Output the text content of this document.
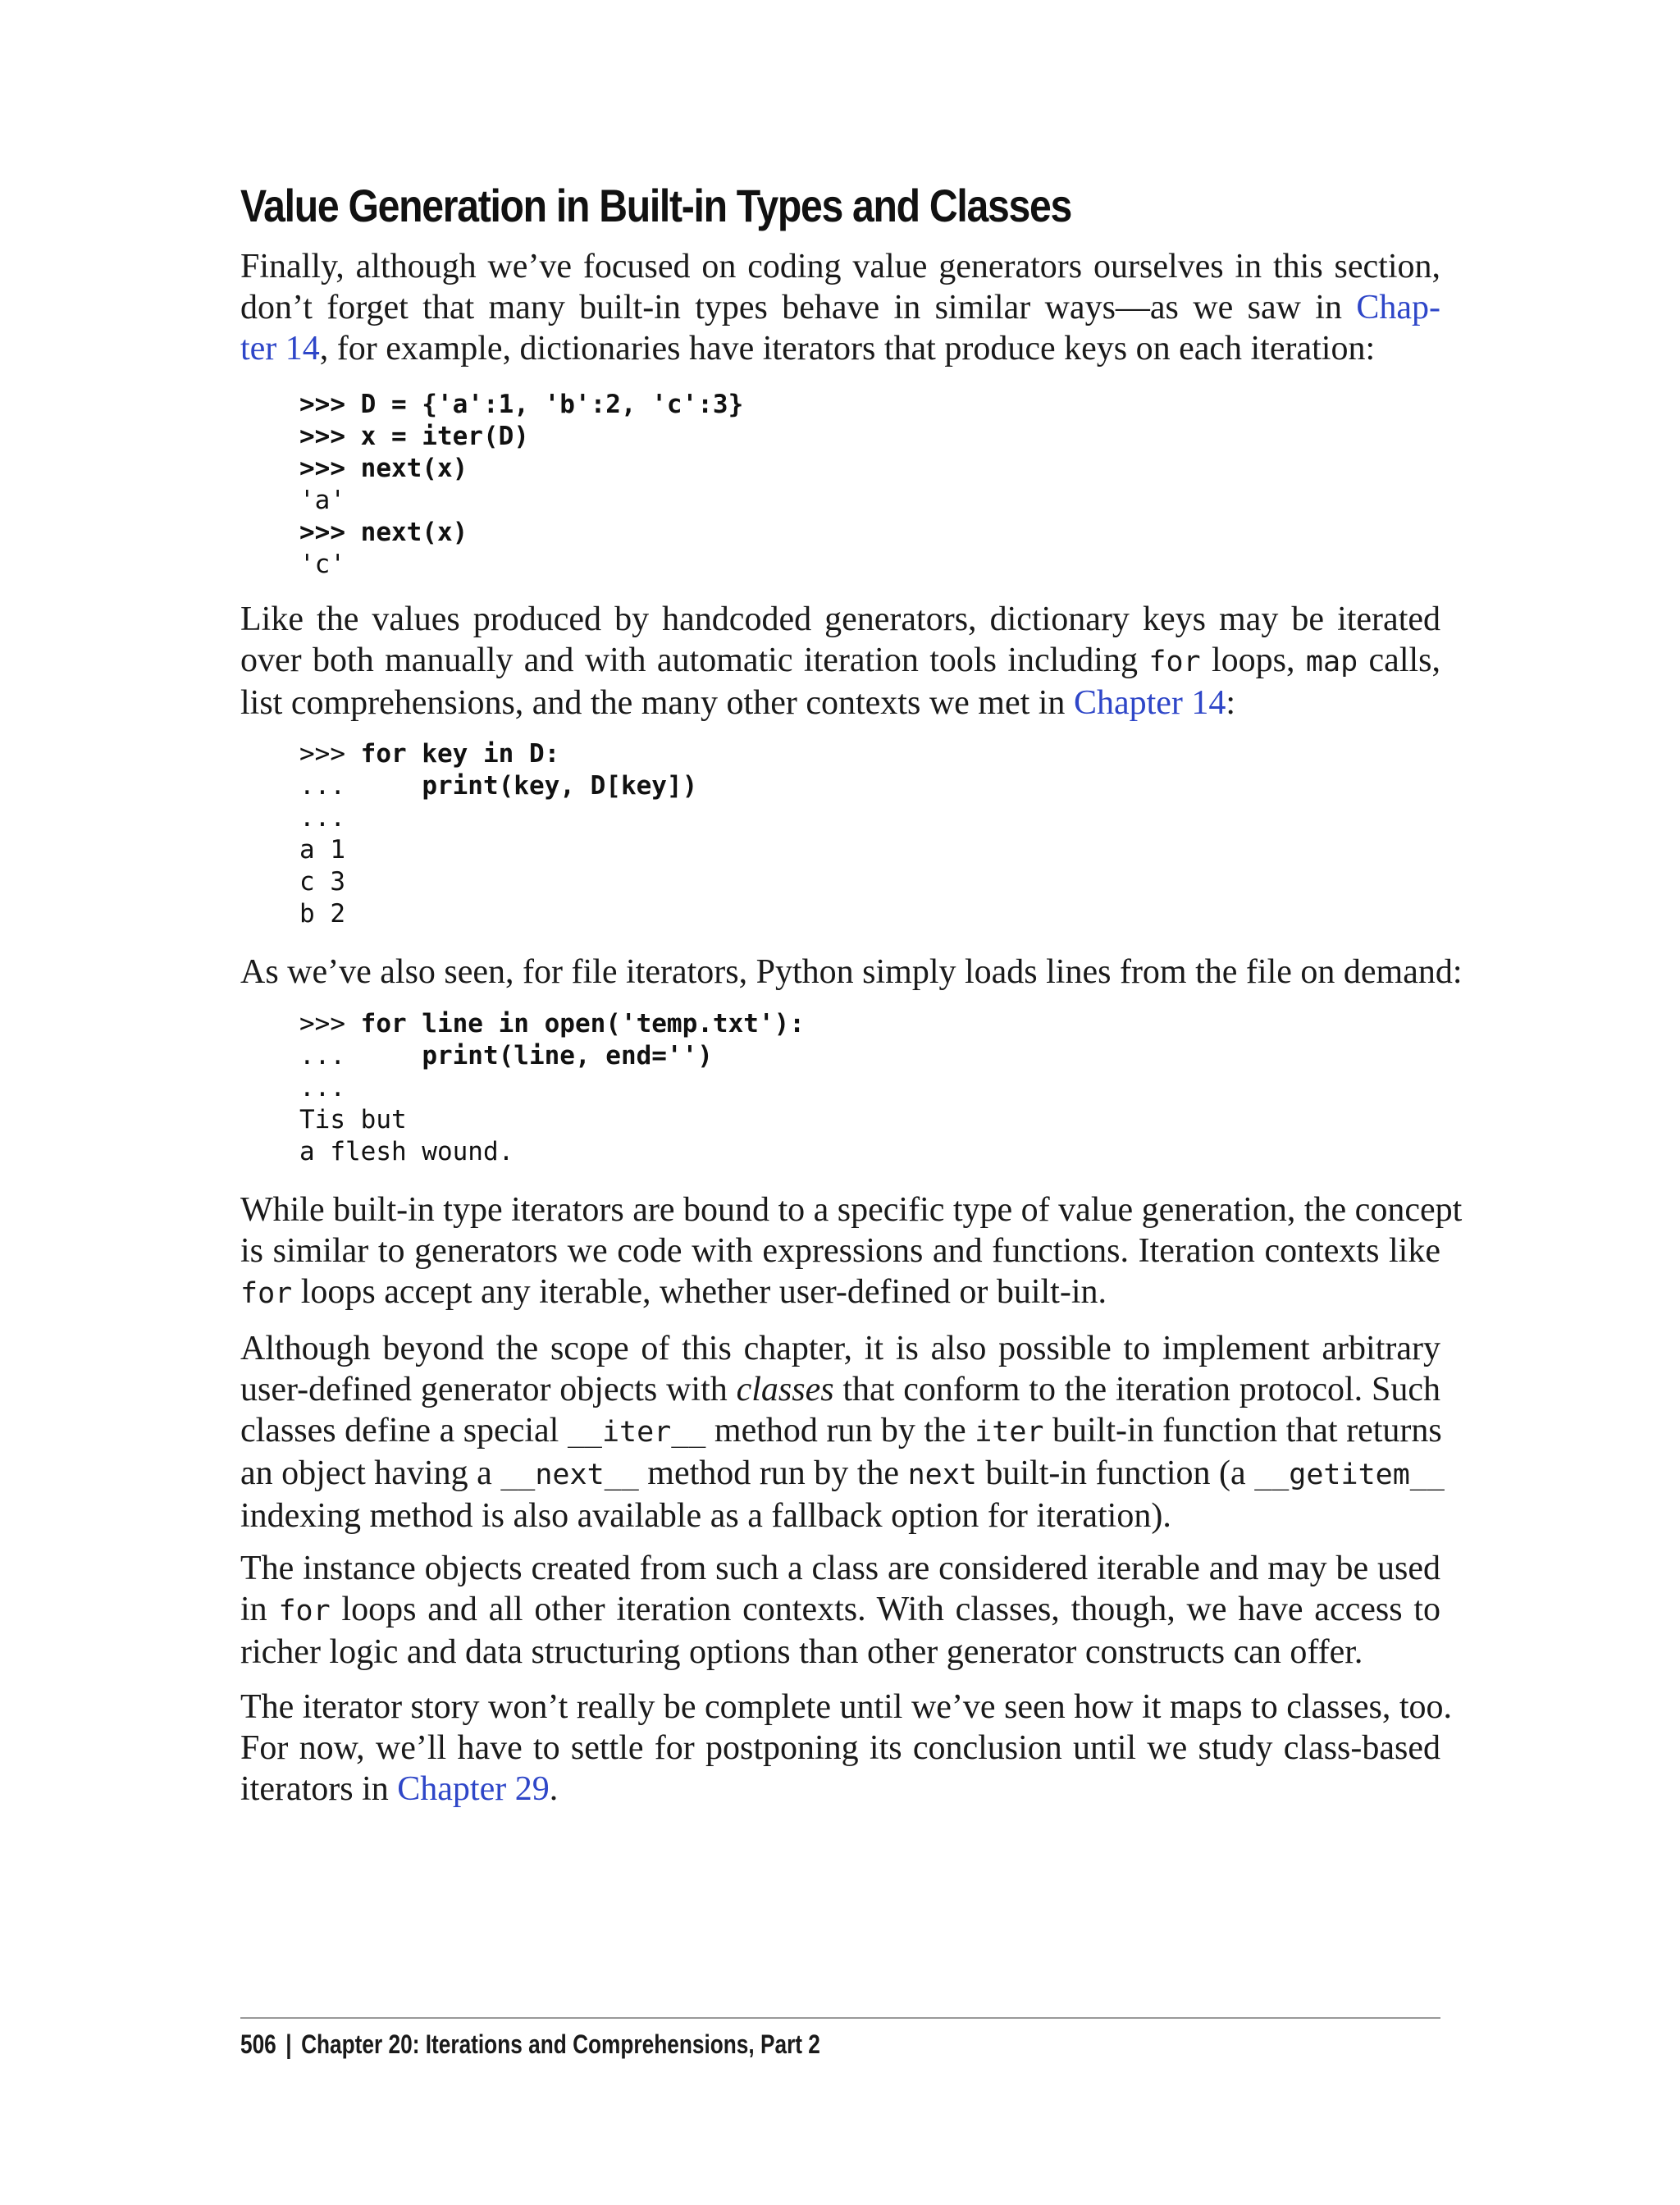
Value Generation in Built-in Types and Classes

Finally, although we’ve focused on coding value generators ourselves in this section,
don’t forget that many built-in types behave in similar ways—as we saw in Chap-
ter 14, for example, dictionaries have iterators that produce keys on each iteration:

>>> D = {'a':1, 'b':2, 'c':3}
>>> x = iter(D)
>>> next(x)
'a'
>>> next(x)
'c'

Like the values produced by handcoded generators, dictionary keys may be iterated
over both manually and with automatic iteration tools including for loops, map calls,
list comprehensions, and the many other contexts we met in Chapter 14:

>>> for key in D:
...     print(key, D[key])
...
a 1
c 3
b 2

As we’ve also seen, for file iterators, Python simply loads lines from the file on demand:

>>> for line in open('temp.txt'):
...     print(line, end='')
...
Tis but
a flesh wound.

While built-in type iterators are bound to a specific type of value generation, the concept
is similar to generators we code with expressions and functions. Iteration contexts like
for loops accept any iterable, whether user-defined or built-in.

Although beyond the scope of this chapter, it is also possible to implement arbitrary
user-defined generator objects with classes that conform to the iteration protocol. Such
classes define a special __iter__ method run by the iter built-in function that returns
an object having a __next__ method run by the next built-in function (a __getitem__
indexing method is also available as a fallback option for iteration).

The instance objects created from such a class are considered iterable and may be used
in for loops and all other iteration contexts. With classes, though, we have access to
richer logic and data structuring options than other generator constructs can offer.

The iterator story won’t really be complete until we’ve seen how it maps to classes, too.
For now, we’ll have to settle for postponing its conclusion until we study class-based
iterators in Chapter 29.

506 | Chapter 20: Iterations and Comprehensions, Part 2
